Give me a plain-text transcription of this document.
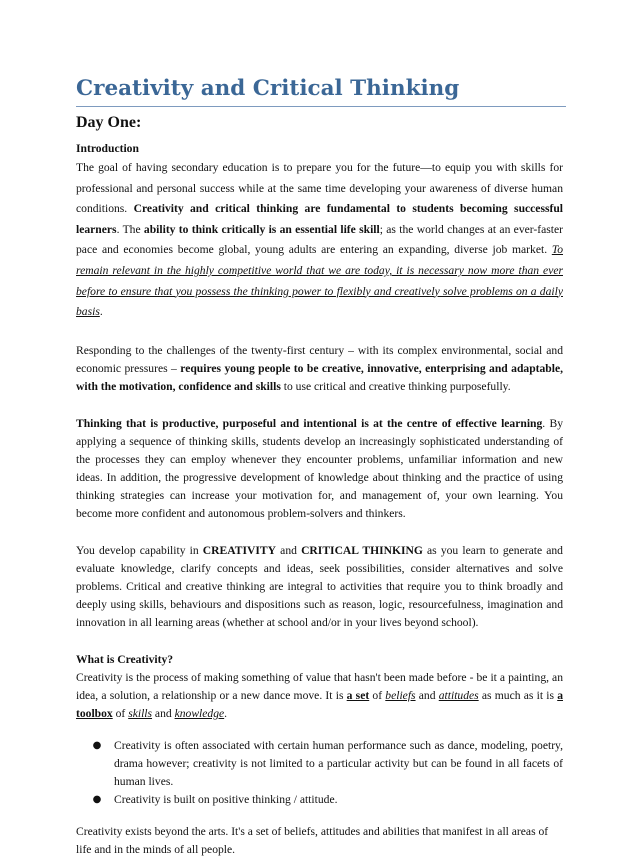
Creativity and Critical Thinking
Day One:

Introduction
The goal of having secondary education is to prepare you for the future—to equip you with skills for professional and personal success while at the same time developing your awareness of diverse human conditions. Creativity and critical thinking are fundamental to students becoming successful learners. The ability to think critically is an essential life skill; as the world changes at an ever-faster pace and economies become global, young adults are entering an expanding, diverse job market. To remain relevant in the highly competitive world that we are today, it is necessary now more than ever before to ensure that you possess the thinking power to flexibly and creatively solve problems on a daily basis.

Responding to the challenges of the twenty-first century – with its complex environmental, social and economic pressures – requires young people to be creative, innovative, enterprising and adaptable, with the motivation, confidence and skills to use critical and creative thinking purposefully.

Thinking that is productive, purposeful and intentional is at the centre of effective learning. By applying a sequence of thinking skills, students develop an increasingly sophisticated understanding of the processes they can employ whenever they encounter problems, unfamiliar information and new ideas. In addition, the progressive development of knowledge about thinking and the practice of using thinking strategies can increase your motivation for, and management of, your own learning. You become more confident and autonomous problem-solvers and thinkers.

You develop capability in CREATIVITY and CRITICAL THINKING as you learn to generate and evaluate knowledge, clarify concepts and ideas, seek possibilities, consider alternatives and solve problems. Critical and creative thinking are integral to activities that require you to think broadly and deeply using skills, behaviours and dispositions such as reason, logic, resourcefulness, imagination and innovation in all learning areas (whether at school and/or in your lives beyond school).

What is Creativity?
Creativity is the process of making something of value that hasn't been made before - be it a painting, an idea, a solution, a relationship or a new dance move. It is a set of beliefs and attitudes as much as it is a toolbox of skills and knowledge.

● Creativity is often associated with certain human performance such as dance, modeling, poetry, drama however; creativity is not limited to a particular activity but can be found in all facets of human lives.
● Creativity is built on positive thinking / attitude.

Creativity exists beyond the arts. It's a set of beliefs, attitudes and abilities that manifest in all areas of life and in the minds of all people.
